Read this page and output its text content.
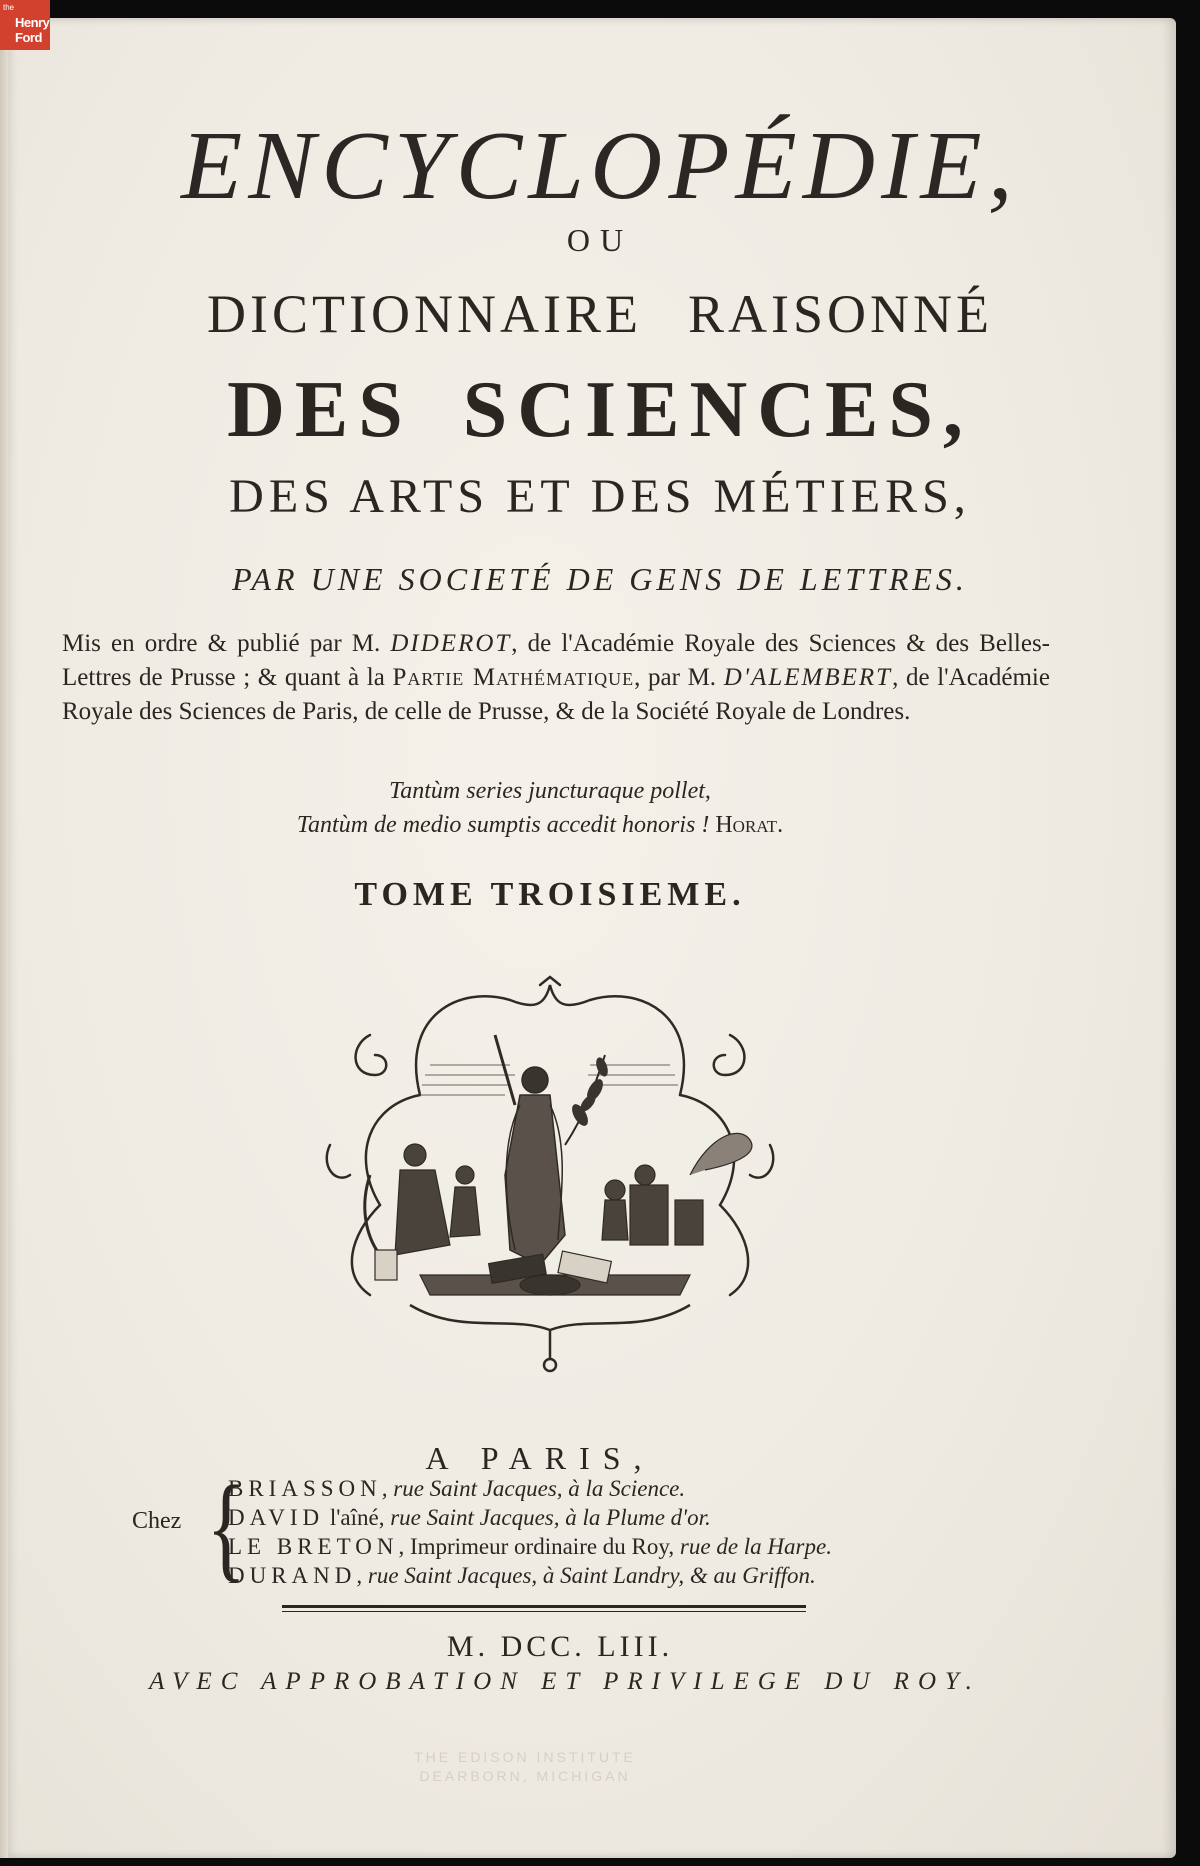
the
Henry
Ford
ENCYCLOPÉDIE,
OU
DICTIONNAIRE RAISONNÉ
DES SCIENCES,
DES ARTS ET DES MÉTIERS,
PAR UNE SOCIETÉ DE GENS DE LETTRES.
Mis en ordre & publié par M. DIDEROT, de l'Académie Royale des Sciences & des Belles-Lettres de Prusse ; & quant à la Partie Mathématique, par M. D'ALEMBERT, de l'Académie Royale des Sciences de Paris, de celle de Prusse, & de la Société Royale de Londres.
Tantùm series juncturaque pollet,
Tantùm de medio sumptis accedit honoris ! Horat.
TOME TROISIEME.
A PARIS,
Chez {
BRIASSON, rue Saint Jacques, à la Science.
DAVID l'aîné, rue Saint Jacques, à la Plume d'or.
LE BRETON, Imprimeur ordinaire du Roy, rue de la Harpe.
DURAND, rue Saint Jacques, à Saint Landry, & au Griffon.
M. DCC. LIII.
AVEC APPROBATION ET PRIVILEGE DU ROY.
THE EDISON INSTITUTE
DEARBORN, MICHIGAN
